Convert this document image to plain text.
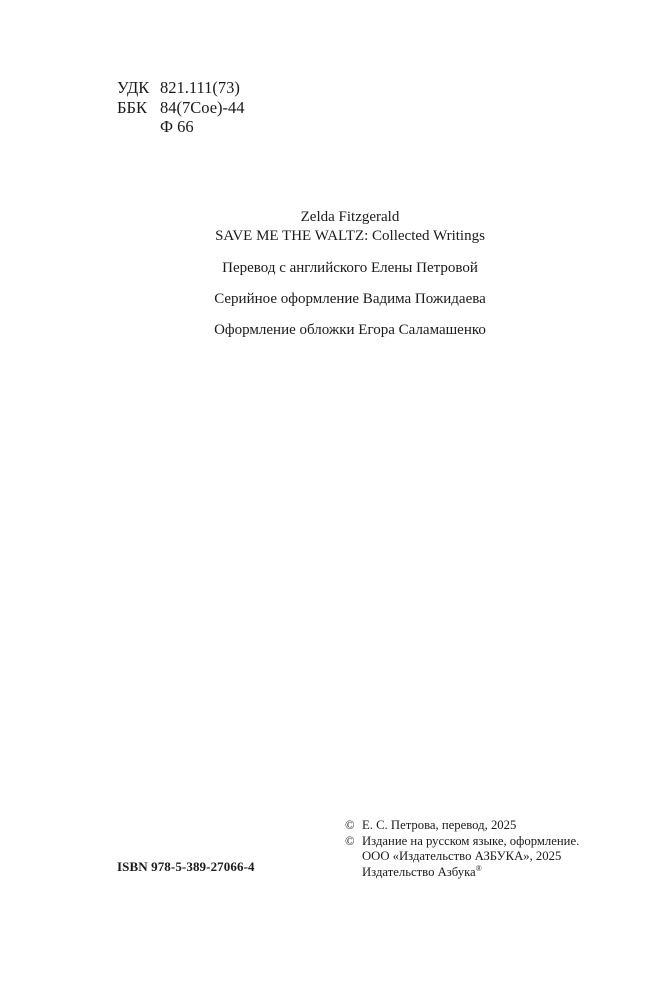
УДК 821.111(73)
ББК 84(7Сое)-44
Ф 66
Zelda Fitzgerald
SAVE ME THE WALTZ: Collected Writings
Перевод с английского Елены Петровой
Серийное оформление Вадима Пожидаева
Оформление обложки Егора Саламашенко
ISBN 978-5-389-27066-4
© Е. С. Петрова, перевод, 2025
© Издание на русском языке, оформление.
ООО «Издательство АЗБУКА», 2025
Издательство Азбука®
